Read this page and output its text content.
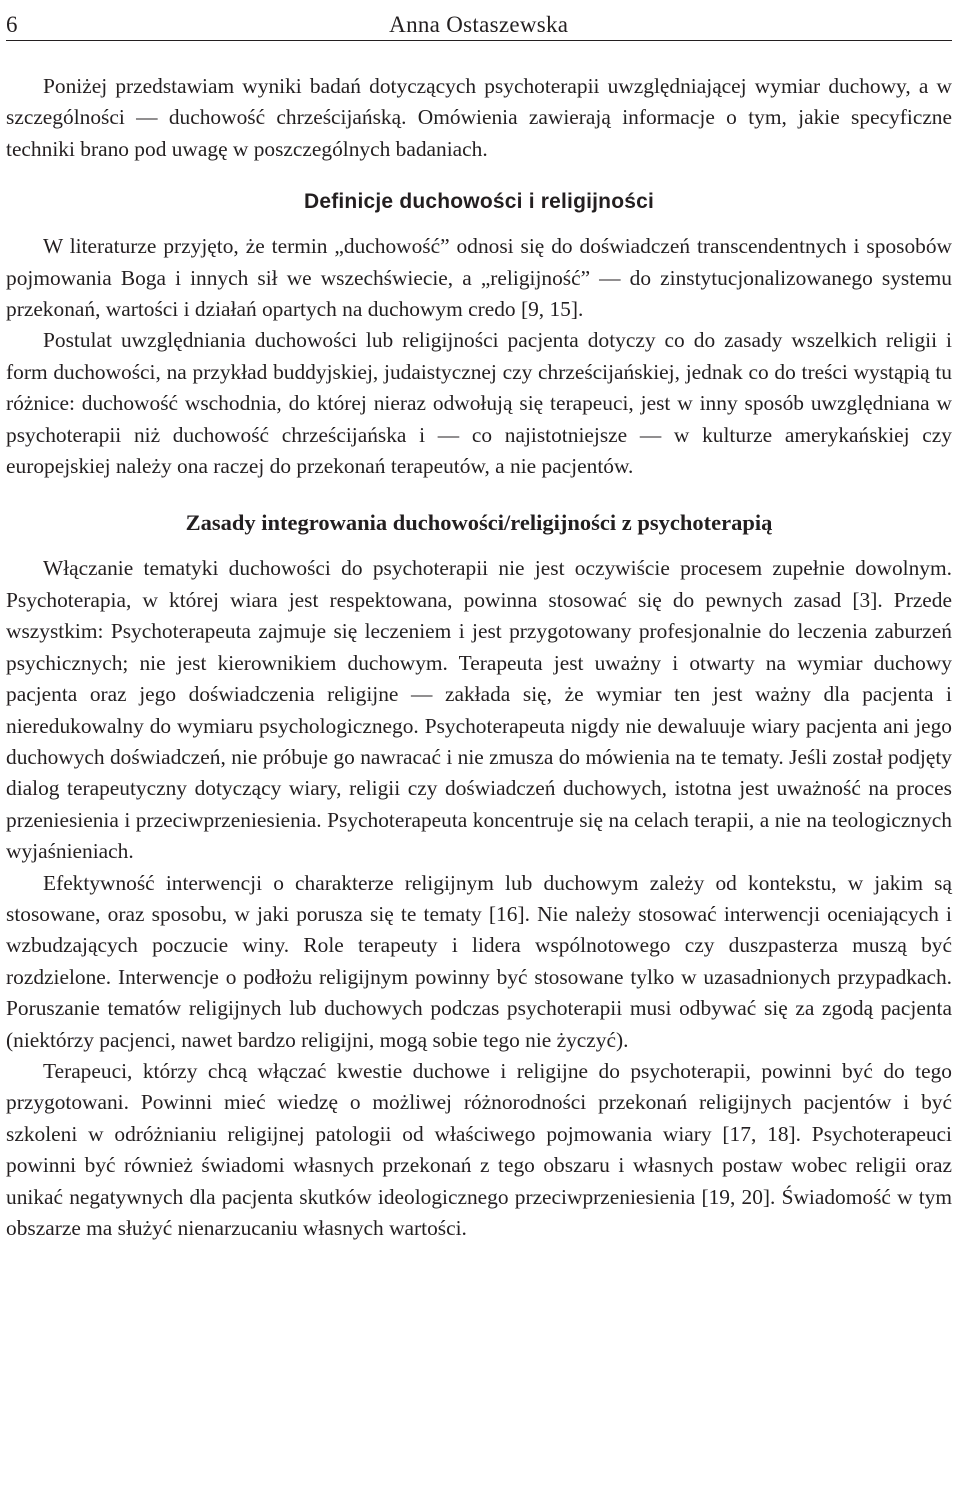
6	Anna Ostaszewska

Poniżej przedstawiam wyniki badań dotyczących psychoterapii uwzględniającej wymiar duchowy, a w szczególności — duchowość chrześcijańską. Omówienia zawierają informacje o tym, jakie specyficzne techniki brano pod uwagę w poszczególnych badaniach.

Definicje duchowości i religijności

W literaturze przyjęto, że termin „duchowość” odnosi się do doświadczeń transcendentnych i sposobów pojmowania Boga i innych sił we wszechświecie, a „religijność” — do zinstytucjonalizowanego systemu przekonań, wartości i działań opartych na duchowym credo [9, 15].

Postulat uwzględniania duchowości lub religijności pacjenta dotyczy co do zasady wszelkich religii i form duchowości, na przykład buddyjskiej, judaistycznej czy chrześcijańskiej, jednak co do treści wystąpią tu różnice: duchowość wschodnia, do której nieraz odwołują się terapeuci, jest w inny sposób uwzględniana w psychoterapii niż duchowość chrześcijańska i — co najistotniejsze — w kulturze amerykańskiej czy europejskiej należy ona raczej do przekonań terapeutów, a nie pacjentów.

Zasady integrowania duchowości/religijności z psychoterapią

Włączanie tematyki duchowości do psychoterapii nie jest oczywiście procesem zupełnie dowolnym. Psychoterapia, w której wiara jest respektowana, powinna stosować się do pewnych zasad [3]. Przede wszystkim: Psychoterapeuta zajmuje się leczeniem i jest przygotowany profesjonalnie do leczenia zaburzeń psychicznych; nie jest kierownikiem duchowym. Terapeuta jest uważny i otwarty na wymiar duchowy pacjenta oraz jego doświadczenia religijne — zakłada się, że wymiar ten jest ważny dla pacjenta i nieredukowalny do wymiaru psychologicznego. Psychoterapeuta nigdy nie dewaluuje wiary pacjenta ani jego duchowych doświadczeń, nie próbuje go nawracać i nie zmusza do mówienia na te tematy. Jeśli został podjęty dialog terapeutyczny dotyczący wiary, religii czy doświadczeń duchowych, istotna jest uważność na proces przeniesienia i przeciwprzeniesienia. Psychoterapeuta koncentruje się na celach terapii, a nie na teologicznych wyjaśnieniach.

Efektywność interwencji o charakterze religijnym lub duchowym zależy od kontekstu, w jakim są stosowane, oraz sposobu, w jaki porusza się te tematy [16]. Nie należy stosować interwencji oceniających i wzbudzających poczucie winy. Role terapeuty i lidera wspólnotowego czy duszpasterza muszą być rozdzielone. Interwencje o podłożu religijnym powinny być stosowane tylko w uzasadnionych przypadkach. Poruszanie tematów religijnych lub duchowych podczas psychoterapii musi odbywać się za zgodą pacjenta (niektórzy pacjenci, nawet bardzo religijni, mogą sobie tego nie życzyć).

Terapeuci, którzy chcą włączać kwestie duchowe i religijne do psychoterapii, powinni być do tego przygotowani. Powinni mieć wiedzę o możliwej różnorodności przekonań religijnych pacjentów i być szkoleni w odróżnianiu religijnej patologii od właściwego pojmowania wiary [17, 18]. Psychoterapeuci powinni być również świadomi własnych przekonań z tego obszaru i własnych postaw wobec religii oraz unikać negatywnych dla pacjenta skutków ideologicznego przeciwprzeniesienia [19, 20]. Świadomość w tym obszarze ma służyć nienarzucaniu własnych wartości.
